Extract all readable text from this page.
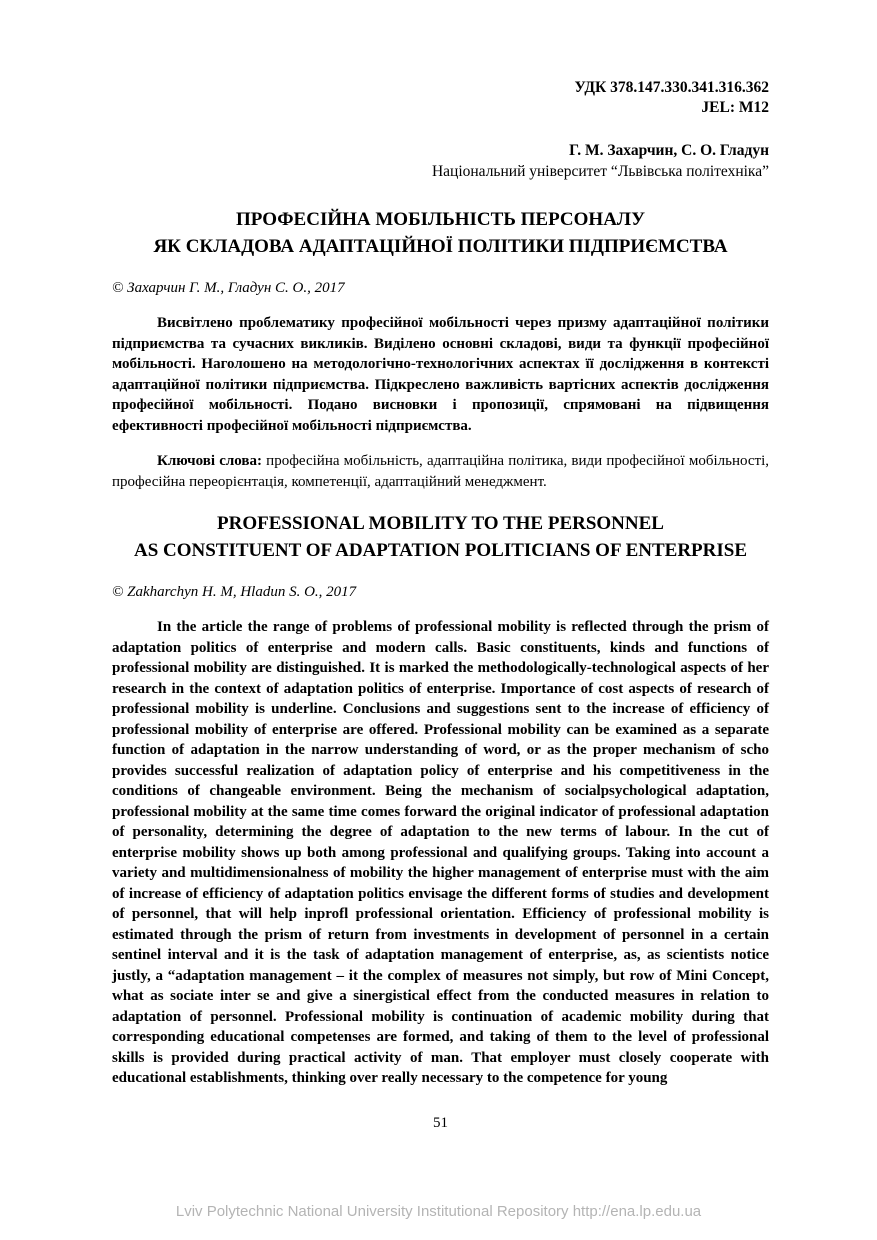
УДК 378.147.330.341.316.362
JEL: M12
Г. М. Захарчин, С. О. Гладун
Національний університет “Львівська політехніка”
ПРОФЕСІЙНА МОБІЛЬНІСТЬ ПЕРСОНАЛУ
ЯК СКЛАДОВА АДАПТАЦІЙНОЇ ПОЛІТИКИ ПІДПРИЄМСТВА
© Захарчин Г. М., Гладун С. О., 2017

Висвітлено проблематику професійної мобільності через призму адаптаційної політики підприємства та сучасних викликів. Виділено основні складові, види та функції професійної мобільності. Наголошено на методологічно-технологічних аспектах її дослідження в контексті адаптаційної політики підприємства. Підкреслено важливість вартісних аспектів дослідження професійної мобільності. Подано висновки і пропозиції, спрямовані на підвищення ефективності професійної мобільності підприємства.

Ключові слова: професійна мобільність, адаптаційна політика, види професійної мобільності, професійна переорієнтація, компетенції, адаптаційний менеджмент.

PROFESSIONAL MOBILITY TO THE PERSONNEL
AS CONSTITUENT OF ADAPTATION POLITICIANS OF ENTERPRISE
© Zakharchyn H. M, Hladun S. O., 2017

In the article the range of problems of professional mobility is reflected through the prism of adaptation politics of enterprise and modern calls. Basic constituents, kinds and functions of professional mobility are distinguished. It is marked the methodologically-technological aspects of her research in the context of adaptation politics of enterprise. Importance of cost aspects of research of professional mobility is underline. Conclusions and suggestions sent to the increase of efficiency of professional mobility of enterprise are offered. Professional mobility can be examined as a separate function of adaptation in the narrow understanding of word, or as the proper mechanism of scho provides successful realization of adaptation policy of enterprise and his competitiveness in the conditions of changeable environment. Being the mechanism of socialpsychological adaptation, professional mobility at the same time comes forward the original indicator of professional adaptation of personality, determining the degree of adaptation to the new terms of labour. In the cut of enterprise mobility shows up both among professional and qualifying groups. Taking into account a variety and multidimensionalness of mobility the higher management of enterprise must with the aim of increase of efficiency of adaptation politics envisage the different forms of studies and development of personnel, that will help inprofl professional orientation. Efficiency of professional mobility is estimated through the prism of return from investments in development of personnel in a certain sentinel interval and it is the task of adaptation management of enterprise, as, as scientists notice justly, a “adaptation management – it the complex of measures not simply, but row of Mini Concept, what as sociate inter se and give a sinergistical effect from the conducted measures in relation to adaptation of personnel. Professional mobility is continuation of academic mobility during that corresponding educational competenses are formed, and taking of them to the level of professional skills is provided during practical activity of man. That employer must closely cooperate with educational establishments, thinking over really necessary to the competence for young

51
Lviv Polytechnic National University Institutional Repository http://ena.lp.edu.ua
